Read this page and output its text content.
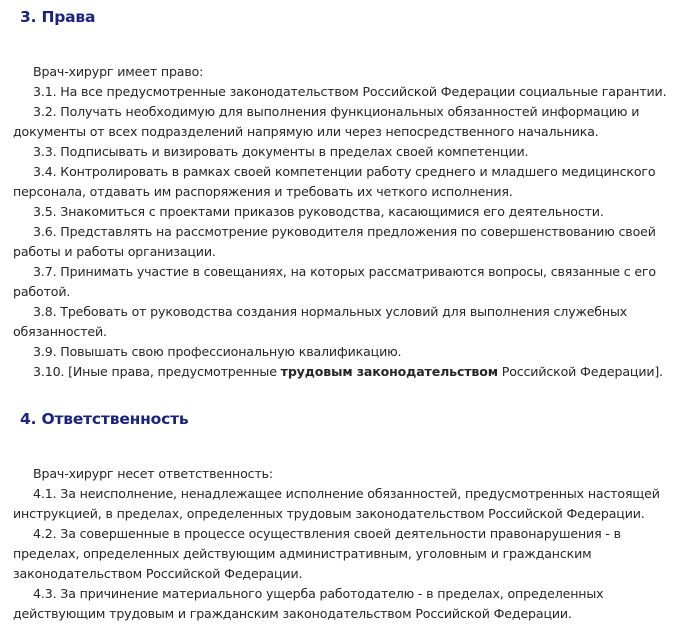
3. Права

Врач-хирург имеет право:

3.1. На все предусмотренные законодательством Российской Федерации социальные гарантии.

3.2. Получать необходимую для выполнения функциональных обязанностей информацию и документы от всех подразделений напрямую или через непосредственного начальника.

3.3. Подписывать и визировать документы в пределах своей компетенции.

3.4. Контролировать в рамках своей компетенции работу среднего и младшего медицинского персонала, отдавать им распоряжения и требовать их четкого исполнения.

3.5. Знакомиться с проектами приказов руководства, касающимися его деятельности.

3.6. Представлять на рассмотрение руководителя предложения по совершенствованию своей работы и работы организации.

3.7. Принимать участие в совещаниях, на которых рассматриваются вопросы, связанные с его работой.

3.8. Требовать от руководства создания нормальных условий для выполнения служебных обязанностей.

3.9. Повышать свою профессиональную квалификацию.

3.10. [Иные права, предусмотренные трудовым законодательством Российской Федерации].

4. Ответственность

Врач-хирург несет ответственность:

4.1. За неисполнение, ненадлежащее исполнение обязанностей, предусмотренных настоящей инструкцией, в пределах, определенных трудовым законодательством Российской Федерации.

4.2. За совершенные в процессе осуществления своей деятельности правонарушения - в пределах, определенных действующим административным, уголовным и гражданским законодательством Российской Федерации.

4.3. За причинение материального ущерба работодателю - в пределах, определенных действующим трудовым и гражданским законодательством Российской Федерации.
